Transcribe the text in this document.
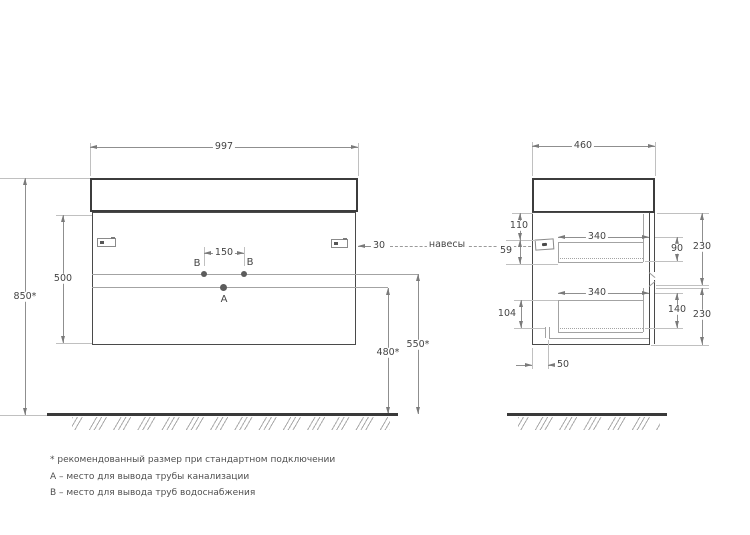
997
30	навесы
150
В	В
А
850*
500
550*
480*
460
340
340
110
59
104
90 230
140 230
50
* рекомендованный размер при стандартном подключении
А – место для вывода трубы канализации
В – место для вывода труб водоснабжения
